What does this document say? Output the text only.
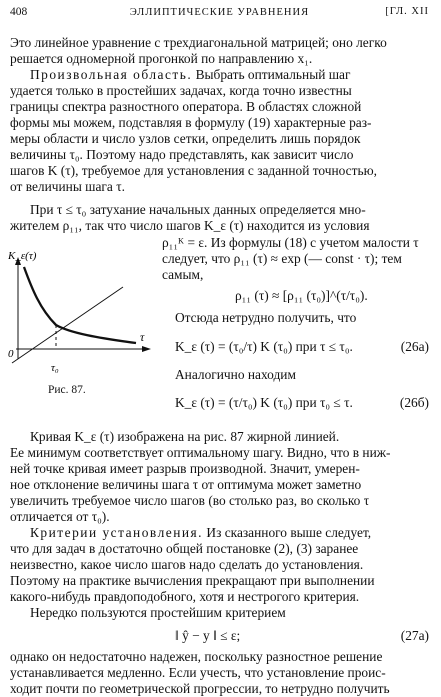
408	ЭЛЛИПТИЧЕСКИЕ УРАВНЕНИЯ	[ГЛ. XII
Это линейное уравнение с трехдиагональной матрицей; оно легко
решается одномерной прогонкой по направлению x₁.
Произвольная область. Выбрать оптимальный шаг
удается только в простейших задачах, когда точно известны
границы спектра разностного оператора. В областях сложной
формы мы можем, подставляя в формулу (19) характерные раз-
меры области и число узлов сетки, определить лишь порядок
величины τ₀. Поэтому надо представлять, как зависит число
шагов K (τ), требуемое для установления с заданной точностью,
от величины шага τ.
При τ ≤ τ₀ затухание начальных данных определяется мно-
жителем ρ₁₁, так что число шагов K_ε (τ) находится из условия
K_ε(τ)
τ
0
τ₀
Рис. 87.
ρ₁₁ᴷ = ε. Из формулы (18) с учетом малости τ
следует, что ρ₁₁ (τ) ≈ exp (— const · τ); тем
самым,
ρ₁₁ (τ) ≈ [ρ₁₁ (τ₀)]^(τ/τ₀).
Отсюда нетрудно получить, что
K_ε (τ) = (τ₀/τ) K (τ₀) при τ ≤ τ₀.	(26а)
Аналогично находим
K_ε (τ) = (τ/τ₀) K (τ₀) при τ₀ ≤ τ.	(26б)
Кривая K_ε (τ) изображена на рис. 87 жирной линией.
Ее минимум соответствует оптимальному шагу. Видно, что в ниж-
ней точке кривая имеет разрыв производной. Значит, умерен-
ное отклонение величины шага τ от оптимума может заметно
увеличить требуемое число шагов (во столько раз, во сколько τ
отличается от τ₀).
Критерии установления. Из сказанного выше следует,
что для задач в достаточно общей постановке (2), (3) заранее
неизвестно, какое число шагов надо сделать до установления.
Поэтому на практике вычисления прекращают при выполнении
какого-нибудь правдоподобного, хотя и нестрогого критерия.
Нередко пользуются простейшим критерием
‖ ŷ − y ‖ ≤ ε;	(27а)
однако он недостаточно надежен, поскольку разностное решение
устанавливается медленно. Если учесть, что установление проис-
ходит почти по геометрической прогрессии, то нетрудно получить
